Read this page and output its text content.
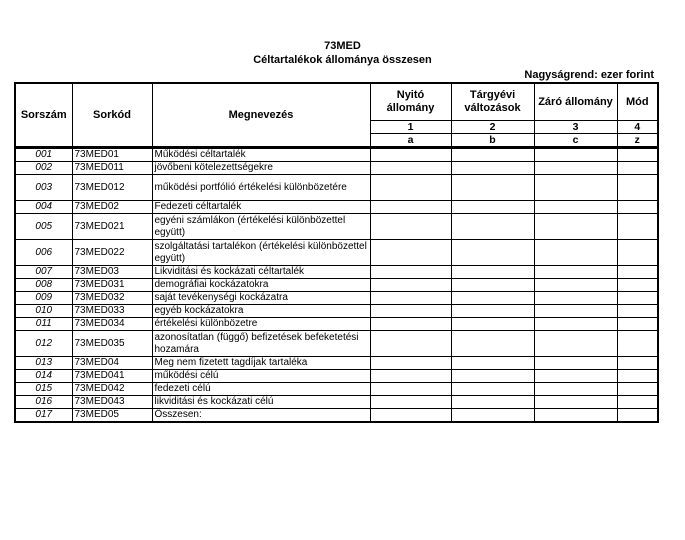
73MED
Céltartalékok állománya összesen
Nagyságrend: ezer forint
Sorszám	Sorkód	Megnevezés	Nyitó állomány	Tárgyévi változások	Záró állomány	Mód
			1	2	3	4
			a	b	c	z
001	73MED01	Működési céltartalék				
002	73MED011	jövőbeni kötelezettségekre				
003	73MED012	működési portfólió értékelési különbözetére				
004	73MED02	Fedezeti céltartalék				
005	73MED021	egyéni számlákon (értékelési különbözettel együtt)				
006	73MED022	szolgáltatási tartalékon (értékelési különbözettel együtt)				
007	73MED03	Likviditási és kockázati céltartalék				
008	73MED031	demográfiai kockázatokra				
009	73MED032	saját tevékenységi kockázatra				
010	73MED033	egyéb kockázatokra				
011	73MED034	értékelési különbözetre				
012	73MED035	azonosítatlan (függő) befizetések befeketetési hozamára				
013	73MED04	Meg nem fizetett tagdíjak tartaléka				
014	73MED041	működési célú				
015	73MED042	fedezeti célú				
016	73MED043	likviditási és kockázati célú				
017	73MED05	Összesen:				
